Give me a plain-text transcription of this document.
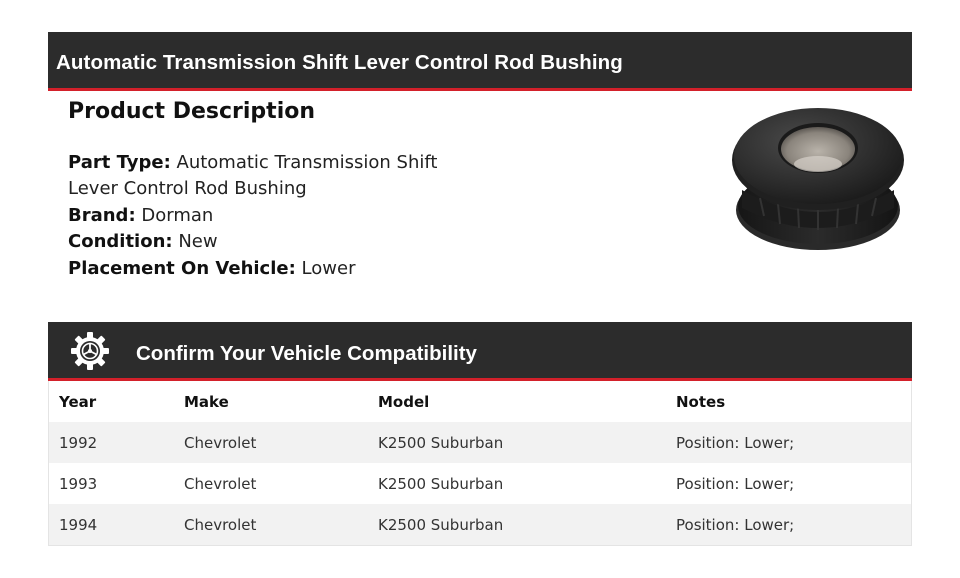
Automatic Transmission Shift Lever Control Rod Bushing
Product Description
Part Type: Automatic Transmission Shift Lever Control Rod Bushing
Brand: Dorman
Condition: New
Placement On Vehicle: Lower
Confirm Your Vehicle Compatibility
Year	Make	Model	Notes
1992	Chevrolet	K2500 Suburban	Position: Lower;
1993	Chevrolet	K2500 Suburban	Position: Lower;
1994	Chevrolet	K2500 Suburban	Position: Lower;
